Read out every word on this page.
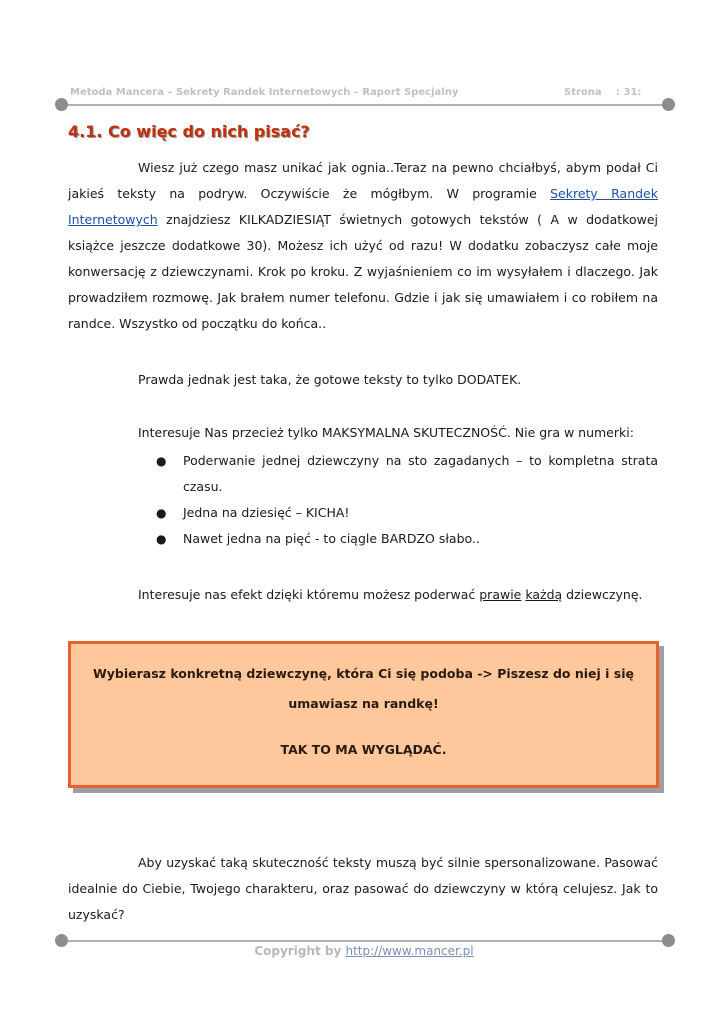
Metoda Mancera – Sekrety Randek Internetowych – Raport Specjalny	Strona : 31:
4.1. Co więc do nich pisać?

Wiesz już czego masz unikać jak ognia..Teraz na pewno chciałbyś, abym podał Ci jakieś teksty na podryw. Oczywiście że mógłbym. W programie Sekrety Randek Internetowych znajdziesz KILKADZIESIĄT świetnych gotowych tekstów ( A w dodatkowej książce jeszcze dodatkowe 30). Możesz ich użyć od razu! W dodatku zobaczysz całe moje konwersację z dziewczynami. Krok po kroku. Z wyjaśnieniem co im wysyłałem i dlaczego. Jak prowadziłem rozmowę. Jak brałem numer telefonu. Gdzie i jak się umawiałem i co robiłem na randce. Wszystko od początku do końca..

Prawda jednak jest taka, że gotowe teksty to tylko DODATEK.

Interesuje Nas przecież tylko MAKSYMALNA SKUTECZNOŚĆ. Nie gra w numerki:

● Poderwanie jednej dziewczyny na sto zagadanych – to kompletna strata czasu.
● Jedna na dziesięć – KICHA!
● Nawet jedna na pięć - to ciągle BARDZO słabo..

Interesuje nas efekt dzięki któremu możesz poderwać prawie każdą dziewczynę.

Wybierasz konkretną dziewczynę, która Ci się podoba -> Piszesz do niej i się
umawiasz na randkę!
TAK TO MA WYGLĄDAĆ.

Aby uzyskać taką skuteczność teksty muszą być silnie spersonalizowane. Pasować idealnie do Ciebie, Twojego charakteru, oraz pasować do dziewczyny w którą celujesz. Jak to uzyskać?

Copyright by http://www.mancer.pl
